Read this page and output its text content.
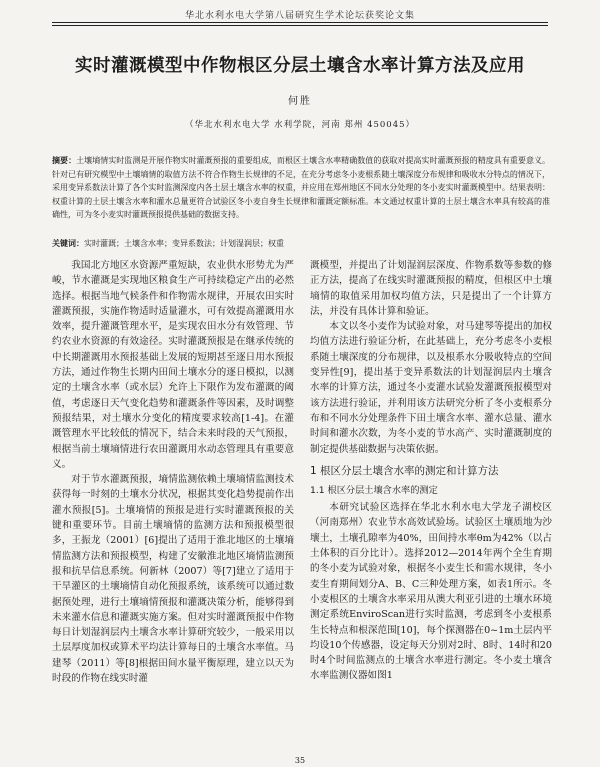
华北水利水电大学第八届研究生学术论坛获奖论文集
实时灌溉模型中作物根区分层土壤含水率计算方法及应用
何胜
（华北水利水电大学 水利学院，河南 郑州 450045）
摘要：土壤墒情实时监测是开展作物实时灌溉预报的重要组成，而根区土壤含水率精确数值的获取对提高实时灌溉预报的精度具有重要意义。针对已有研究模型中土壤墒情的取值方法不符合作物生长规律的不足，在充分考虑冬小麦根系随土壤深度分布规律和吸收水分特点的情况下，采用变异系数法计算了各个实时监测深度内各土层土壤含水率的权重，并应用在郑州地区不同水分处理的冬小麦实时灌溉模型中。结果表明：权重计算的土层土壤含水率和灌水总量更符合试验区冬小麦自身生长规律和灌溉定额标准。本文通过权重计算的土层土壤含水率具有较高的准确性，可为冬小麦实时灌溉预报提供基础的数据支持。
关键词：实时灌溉；土壤含水率；变异系数法；计划湿润层；权重

我国北方地区水资源严重短缺，农业供水形势尤为严峻，节水灌溉是实现地区粮食生产可持续稳定产出的必然选择。根据当地气候条件和作物需水规律，开展农田实时灌溉预报，实施作物适时适量灌水，可有效提高灌溉用水效率，提升灌溉管理水平，是实现农田水分有效管理、节约农业水资源的有效途径。实时灌溉预报是在继承传统的中长期灌溉用水预报基础上发展的短期甚至逐日用水预报方法，通过作物生长期内田间土壤水分的逐日模拟，以测定的土壤含水率（或水层）允许上下限作为发布灌溉的阈值，考虑逐日天气变化趋势和灌溉条件等因素，及时调整预报结果，对土壤水分变化的精度要求较高[1-4]。在灌溉管理水平比较低的情况下，结合未来时段的天气预报，根据当前土壤墒情进行农田灌溉用水动态管理具有重要意义。

对于节水灌溉预报，墒情监测依赖土壤墒情监测技术获得每一时刻的土壤水分状况，根据其变化趋势提前作出灌水预报[5]。土壤墒情的预报是进行实时灌溉预报的关键和重要环节。目前土壤墒情的监测方法和预报模型很多，王振龙（2001）[6]提出了适用于淮北地区的土壤墒情监测方法和预报模型，构建了安徽淮北地区墒情监测预报和抗旱信息系统。何新林（2007）等[7]建立了适用于干旱灌区的土壤墒情自动化预报系统，该系统可以通过数据预处理，进行土壤墒情预报和灌溉决策分析，能够得到未来灌水信息和灌溉实施方案。但对实时灌溉预报中作物每日计划湿润层内土壤含水率计算研究较少，一般采用以土层厚度加权或算术平均法计算每日的土壤含水率值。马建琴（2011）等[8]根据田间水量平衡原理，建立以天为时段的作物在线实时灌

溉模型，并提出了计划湿润层深度、作物系数等参数的修正方法，提高了在线实时灌溉预报的精度，但根区中土壤墒情的取值采用加权均值方法，只是提出了一个计算方法，并没有具体计算和验证。

本文以冬小麦作为试验对象，对马建琴等提出的加权均值方法进行验证分析，在此基础上，充分考虑冬小麦根系随土壤深度的分布规律，以及根系水分吸收特点的空间变异性[9]，提出基于变异系数法的计划湿润层内土壤含水率的计算方法，通过冬小麦灌水试验发灌溉预报模型对该方法进行验证，并利用该方法研究分析了冬小麦根系分布和不同水分处理条件下田土壤含水率、灌水总量、灌水时间和灌水次数，为冬小麦的节水高产、实时灌溉制度的制定提供基础数据与决策依据。

1 根区分层土壤含水率的测定和计算方法
1.1 根区分层土壤含水率的测定

本研究试验区选择在华北水利水电大学龙子湖校区（河南郑州）农业节水高效试验场。试验区土壤质地为沙壤土，土壤孔隙率为40%，田间持水率θm为42%（以占土体积的百分比计）。选择2012—2014年两个全生育期的冬小麦为试验对象，根据冬小麦生长和需水规律，冬小麦生育期间划分A、B、C三种处理方案，如表1所示。冬小麦根区的土壤含水率采用从澳大利亚引进的土壤水环境测定系统EnviroScan进行实时监测，考虑到冬小麦根系生长特点和根深范围[10]，每个探测器在0~1m土层内平均设10个传感器，设定每天分别对2时、8时、14时和20时4个时间监测点的土壤含水率进行测定。冬小麦土壤含水率监测仪器如图1

35
